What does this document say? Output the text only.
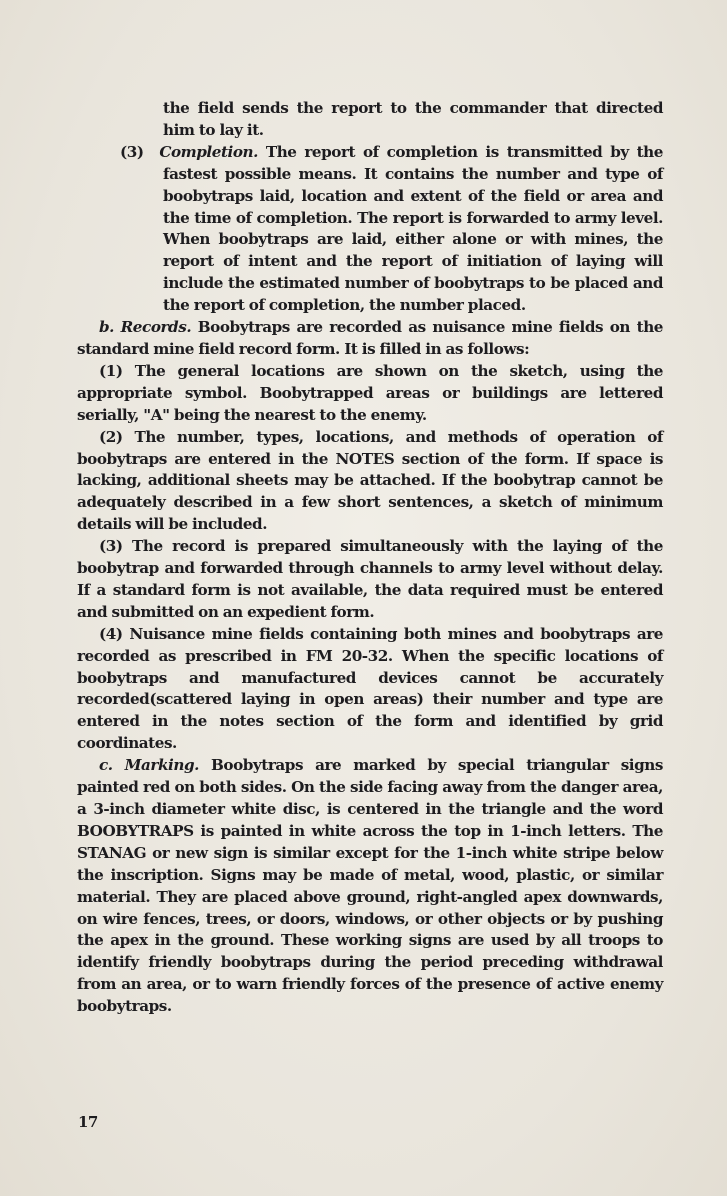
the field sends the report to the commander that directed him to lay it.

(3) Completion. The report of completion is transmitted by the fastest possible means. It contains the number and type of boobytraps laid, location and extent of the field or area and the time of completion. The report is forwarded to army level. When boobytraps are laid, either alone or with mines, the report of intent and the report of initiation of laying will include the estimated number of boobytraps to be placed and the report of completion, the number placed.

b. Records. Boobytraps are recorded as nuisance mine fields on the standard mine field record form. It is filled in as follows:

(1) The general locations are shown on the sketch, using the appropriate symbol. Boobytrapped areas or buildings are lettered serially, "A" being the nearest to the enemy.

(2) The number, types, locations, and methods of operation of boobytraps are entered in the NOTES section of the form. If space is lacking, additional sheets may be attached. If the boobytrap cannot be adequately described in a few short sentences, a sketch of minimum details will be included.

(3) The record is prepared simultaneously with the laying of the boobytrap and forwarded through channels to army level without delay. If a standard form is not available, the data required must be entered and submitted on an expedient form.

(4) Nuisance mine fields containing both mines and boobytraps are recorded as prescribed in FM 20-32. When the specific locations of boobytraps and manufactured devices cannot be accurately recorded(scattered laying in open areas) their number and type are entered in the notes section of the form and identified by grid coordinates.

c. Marking. Boobytraps are marked by special triangular signs painted red on both sides. On the side facing away from the danger area, a 3-inch diameter white disc, is centered in the triangle and the word BOOBYTRAPS is painted in white across the top in 1-inch letters. The STANAG or new sign is similar except for the 1-inch white stripe below the inscription. Signs may be made of metal, wood, plastic, or similar material. They are placed above ground, right-angled apex downwards, on wire fences, trees, or doors, windows, or other objects or by pushing the apex in the ground. These working signs are used by all troops to identify friendly boobytraps during the period preceding withdrawal from an area, or to warn friendly forces of the presence of active enemy boobytraps.

17
